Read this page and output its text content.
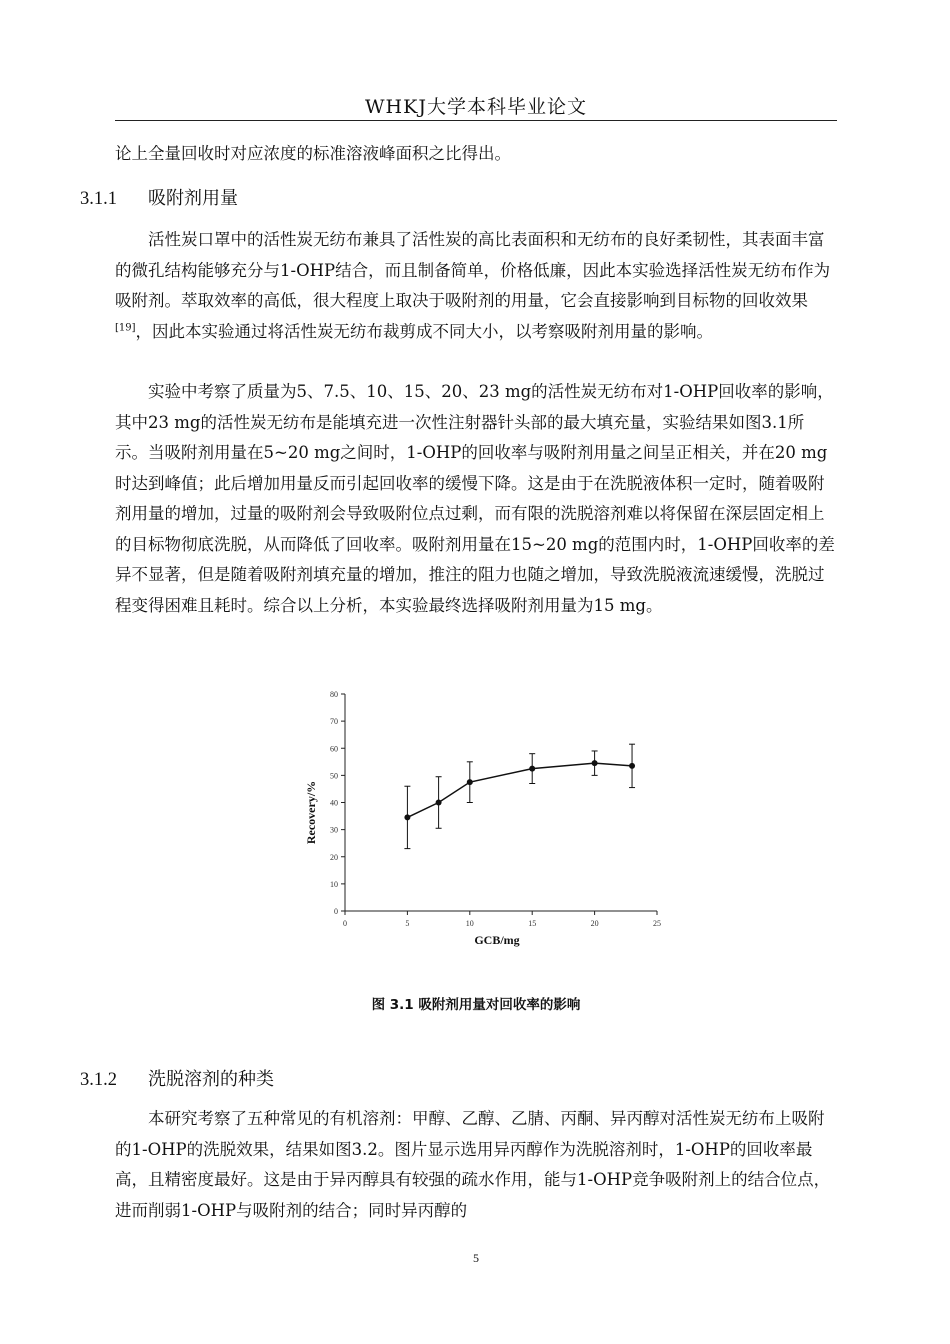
WHKJ大学本科毕业论文

论上全量回收时对应浓度的标准溶液峰面积之比得出。

3.1.1 吸附剂用量

活性炭口罩中的活性炭无纺布兼具了活性炭的高比表面积和无纺布的良好柔韧性，其表面丰富的微孔结构能够充分与1-OHP结合，而且制备简单，价格低廉，因此本实验选择活性炭无纺布作为吸附剂。萃取效率的高低，很大程度上取决于吸附剂的用量，它会直接影响到目标物的回收效果[19]，因此本实验通过将活性炭无纺布裁剪成不同大小，以考察吸附剂用量的影响。

实验中考察了质量为5、7.5、10、15、20、23 mg的活性炭无纺布对1-OHP回收率的影响，其中23 mg的活性炭无纺布是能填充进一次性注射器针头部的最大填充量，实验结果如图3.1所示。当吸附剂用量在5~20 mg之间时，1-OHP的回收率与吸附剂用量之间呈正相关，并在20 mg时达到峰值；此后增加用量反而引起回收率的缓慢下降。这是由于在洗脱液体积一定时，随着吸附剂用量的增加，过量的吸附剂会导致吸附位点过剩，而有限的洗脱溶剂难以将保留在深层固定相上的目标物彻底洗脱，从而降低了回收率。吸附剂用量在15~20 mg的范围内时，1-OHP回收率的差异不显著，但是随着吸附剂填充量的增加，推注的阻力也随之增加，导致洗脱液流速缓慢，洗脱过程变得困难且耗时。综合以上分析，本实验最终选择吸附剂用量为15 mg。

0
10
20
30
40
50
60
70
80
0	5	10	15	20	25
GCB/mg
Recovery/%
图 3.1 吸附剂用量对回收率的影响
3.1.2 洗脱溶剂的种类

本研究考察了五种常见的有机溶剂：甲醇、乙醇、乙腈、丙酮、异丙醇对活性炭无纺布上吸附的1-OHP的洗脱效果，结果如图3.2。图片显示选用异丙醇作为洗脱溶剂时，1-OHP的回收率最高，且精密度最好。这是由于异丙醇具有较强的疏水作用，能与1-OHP竞争吸附剂上的结合位点，进而削弱1-OHP与吸附剂的结合；同时异丙醇的

5
